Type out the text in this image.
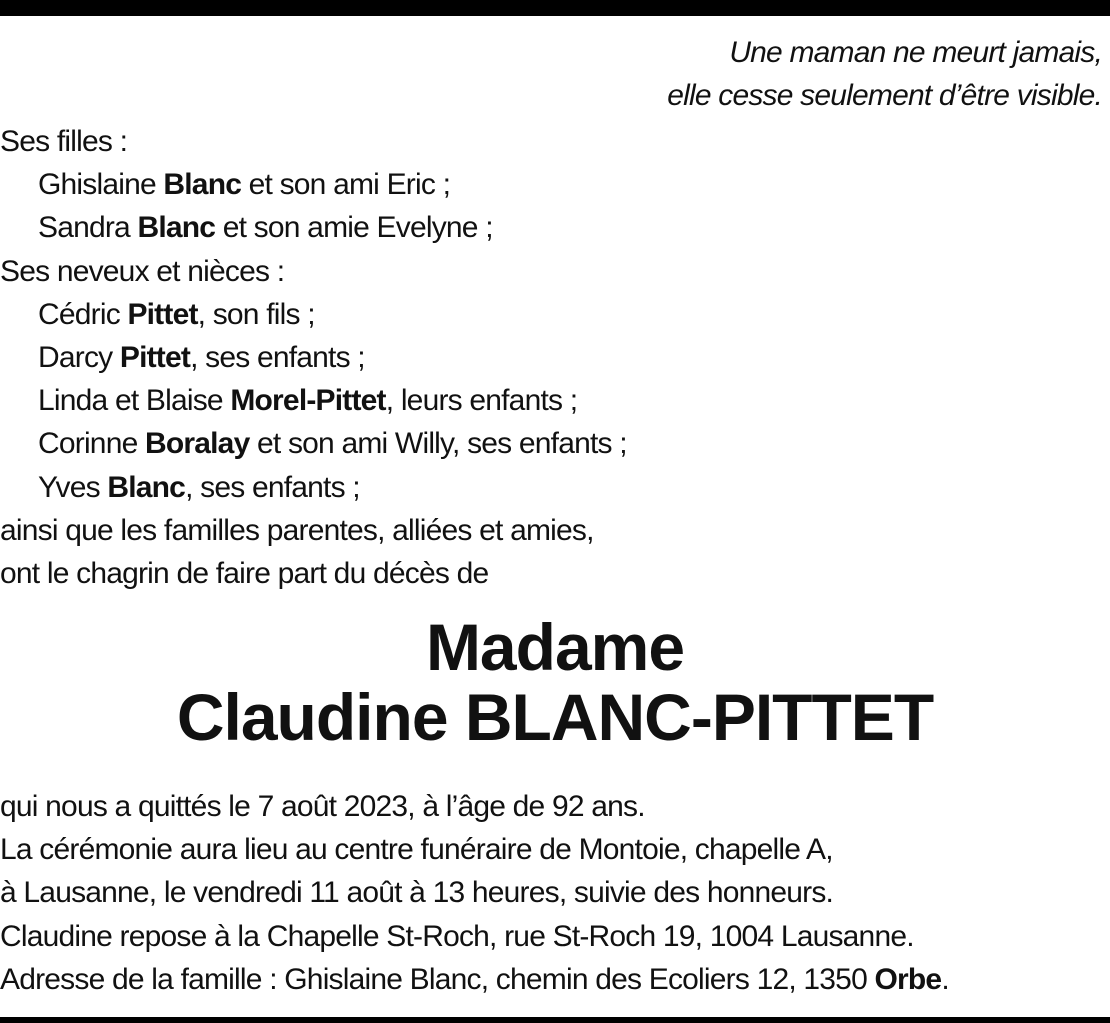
Une maman ne meurt jamais,
elle cesse seulement d’être visible.
Ses filles :
Ghislaine Blanc et son ami Eric ;
Sandra Blanc et son amie Evelyne ;
Ses neveux et nièces :
Cédric Pittet, son fils ;
Darcy Pittet, ses enfants ;
Linda et Blaise Morel-Pittet, leurs enfants ;
Corinne Boralay et son ami Willy, ses enfants ;
Yves Blanc, ses enfants ;
ainsi que les familles parentes, alliées et amies,
ont le chagrin de faire part du décès de
Madame
Claudine BLANC-PITTET
qui nous a quittés le 7 août 2023, à l’âge de 92 ans.
La cérémonie aura lieu au centre funéraire de Montoie, chapelle A,
à Lausanne, le vendredi 11 août à 13 heures, suivie des honneurs.
Claudine repose à la Chapelle St-Roch, rue St-Roch 19, 1004 Lausanne.
Adresse de la famille : Ghislaine Blanc, chemin des Ecoliers 12, 1350 Orbe.
